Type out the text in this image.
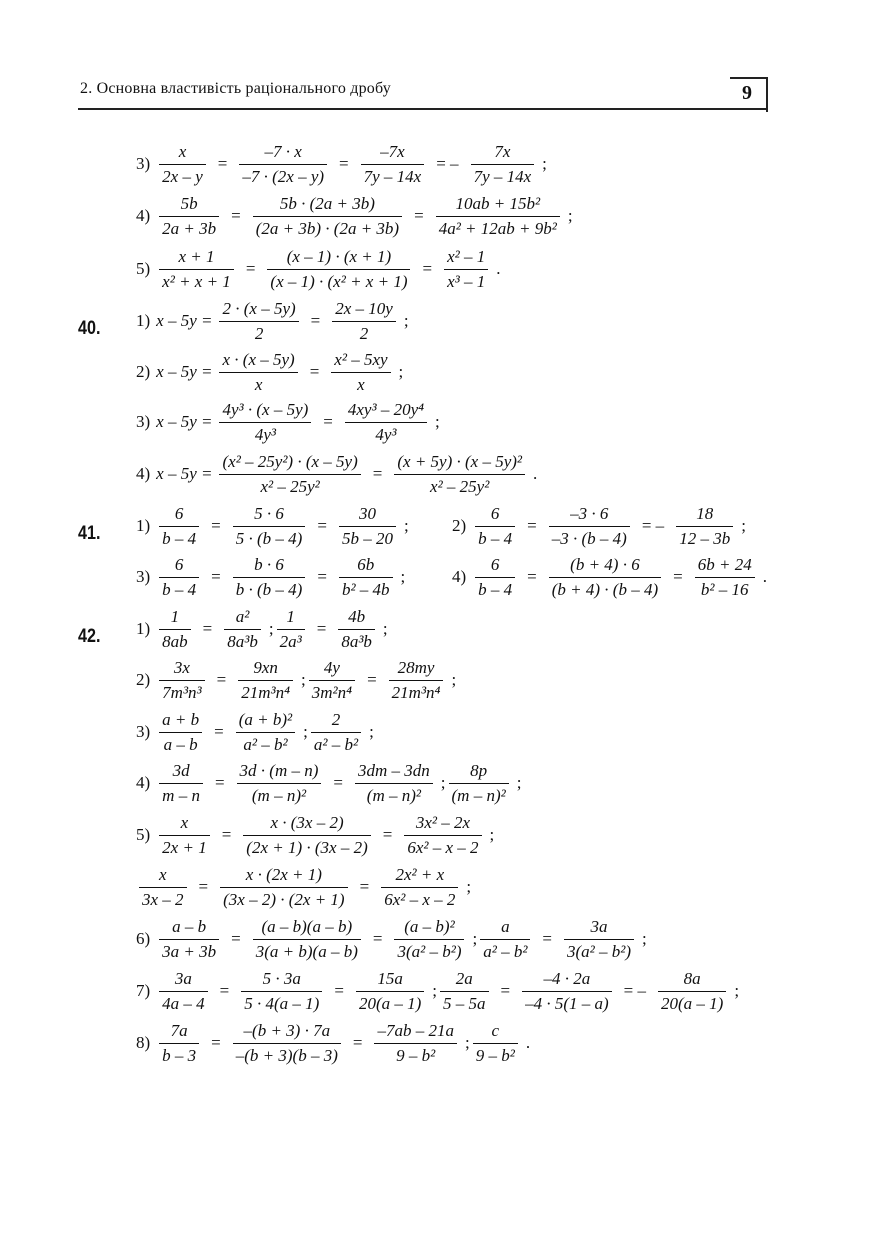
2. Основна властивість раціонального дробу	9
40.
41.
42.
$3) \frac{x}{2x - y} = \frac{-7 \cdot x}{-7 \cdot (2x - y)} = \frac{-7x}{7y - 14x}$ = – $\frac{7x}{7y - 14x}$ ;
$4) \frac{5b}{2a + 3b} = \frac{5b \cdot (2a + 3b)}{(2a + 3b) \cdot (2a + 3b)} = \frac{\text{10ab + 15b²}}{\text{4a² + 12ab + 9b²}}$ ;
$5) \frac{x + 1}{\text{x² + x + 1}} = \frac{(x - 1) \cdot (x + 1)}{\text{(x – 1) · (x² + x + 1)}} = \frac{\text{x² – 1}}{\text{x³ – 1}}$ .
1) $x - 5y = \frac{2 \cdot (x - 5y)}{2} = \frac{2x - 10y}{2}$ ;
2) $x - 5y = \frac{x \cdot (x - 5y)}{x} = \frac{\text{x² – 5xy}}{x}$ ;
3) $x - 5y = \frac{\text{4y³ · (x – 5y)}}{\text{4y³}} = \frac{\text{4xy³ – 20y⁴}}{\text{4y³}}$ ;
4) $x - 5y = \frac{\text{(x² – 25y²) · (x – 5y)}}{\text{x² – 25y²}} = \frac{\text{(x + 5y) · (x – 5y)²}}{\text{x² – 25y²}}$ .
$1) \frac{6}{b - 4} = \frac{5 \cdot 6}{5 \cdot (b - 4)} = \frac{30}{5b - 20}$ ;	$2) \frac{6}{b - 4} = \frac{-3 \cdot 6}{-3 \cdot (b - 4)}$ = – $\frac{18}{12 - 3b}$ ;
$3) \frac{6}{b - 4} = \frac{b \cdot 6}{b \cdot (b - 4)} = \frac{6b}{\text{b² – 4b}}$ ;	$4) \frac{6}{b - 4} = \frac{(b + 4) \cdot 6}{(b + 4) \cdot (b - 4)} = \frac{6b + 24}{\text{b² – 16}}$ .
$1) \frac{1}{8ab} = \frac{\text{a²}}{\text{8a³b}}$ ; $\frac{1}{\text{2a³}} = \frac{4b}{\text{8a³b}}$ ;
$2) \frac{3x}{\text{7m³n³}} = \frac{9xn}{\text{21m³n⁴}}$ ; $\frac{4y}{\text{3m²n⁴}} = \frac{28my}{\text{21m³n⁴}}$ ;
$3) \frac{a + b}{a - b} = \frac{\text{(a + b)²}}{\text{a² – b²}}$ ; $\frac{2}{\text{a² – b²}}$ ;
$4) \frac{3d}{m - n} = \frac{3d \cdot (m - n)}{\text{(m – n)²}} = \frac{3dm - 3dn}{\text{(m – n)²}}$ ; $\frac{8p}{\text{(m – n)²}}$ ;
$5) \frac{x}{2x + 1} = \frac{x \cdot (3x - 2)}{(2x + 1) \cdot (3x - 2)} = \frac{\text{3x² – 2x}}{\text{6x² – x – 2}}$ ;
$\frac{x}{3x - 2} = \frac{x \cdot (2x + 1)}{(3x - 2) \cdot (2x + 1)} = \frac{\text{2x² + x}}{\text{6x² – x – 2}}$ ;
$6) \frac{a - b}{3a + 3b} = \frac{(a - b)(a - b)}{3(a + b)(a - b)} = \frac{\text{(a – b)²}}{\text{3(a² – b²)}}$ ; $\frac{a}{\text{a² – b²}} = \frac{3a}{\text{3(a² – b²)}}$ ;
$7) \frac{3a}{4a - 4} = \frac{5 \cdot 3a}{5 \cdot 4(a - 1)} = \frac{15a}{20(a - 1)}$ ; $\frac{2a}{5 - 5a} = \frac{-4 \cdot 2a}{-4 \cdot 5(1 - a)}$ = – $\frac{8a}{20(a - 1)}$ ;
$8) \frac{7a}{b - 3} = \frac{-(b + 3) \cdot 7a}{-(b + 3)(b - 3)} = \frac{-7ab - 21a}{\text{9 – b²}}$ ; $\frac{c}{\text{9 – b²}}$ .
